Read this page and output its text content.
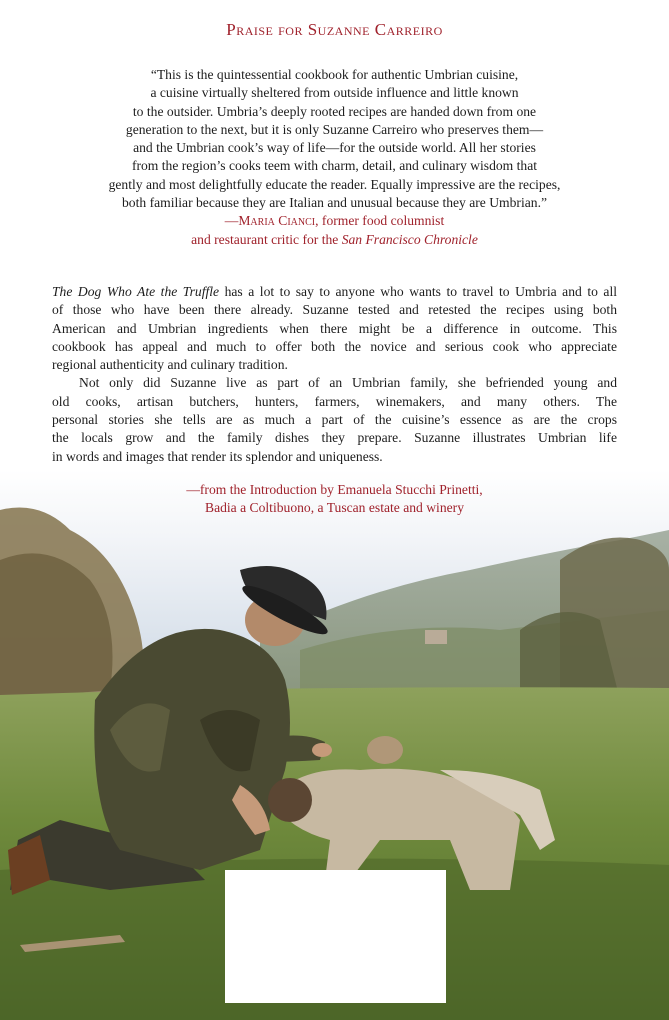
Praise for Suzanne Carreiro
“This is the quintessential cookbook for authentic Umbrian cuisine,
a cuisine virtually sheltered from outside influence and little known
to the outsider. Umbria’s deeply rooted recipes are handed down from one
generation to the next, but it is only Suzanne Carreiro who preserves them—
and the Umbrian cook’s way of life—for the outside world. All her stories
from the region’s cooks teem with charm, detail, and culinary wisdom that
gently and most delightfully educate the reader. Equally impressive are the recipes,
both familiar because they are Italian and unusual because they are Umbrian.”
—Maria Cianci, former food columnist
and restaurant critic for the San Francisco Chronicle
The Dog Who Ate the Truffle has a lot to say to anyone who wants to travel to Umbria and to all
of those who have been there already. Suzanne tested and retested the recipes using both
American and Umbrian ingredients when there might be a difference in outcome. This
cookbook has appeal and much to offer both the novice and serious cook who appreciate
regional authenticity and culinary tradition.
Not only did Suzanne live as part of an Umbrian family, she befriended young and
old cooks, artisan butchers, hunters, farmers, winemakers, and many others. The
personal stories she tells are as much a part of the cuisine’s essence as are the crops
the locals grow and the family dishes they prepare. Suzanne illustrates Umbrian life
in words and images that render its splendor and uniqueness.
—from the Introduction by Emanuela Stucchi Prinetti,
Badia a Coltibuono, a Tuscan estate and winery
